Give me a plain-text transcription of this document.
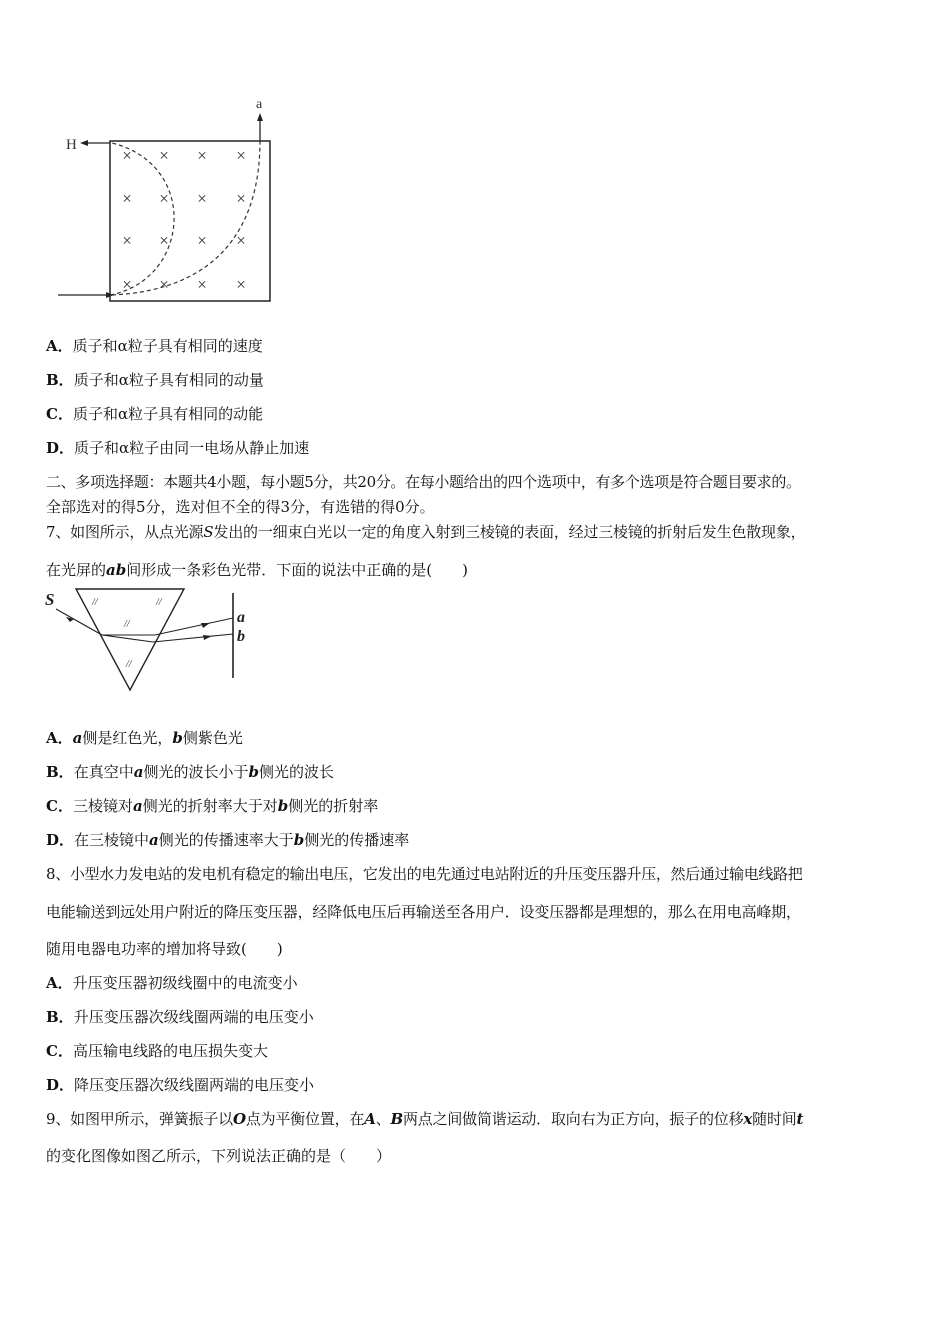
× × × ×
× × × ×
× × × ×
× × × ×
H
a
A．质子和α粒子具有相同的速度
B．质子和α粒子具有相同的动量
C．质子和α粒子具有相同的动能
D．质子和α粒子由同一电场从静止加速
二、多项选择题：本题共4小题，每小题5分，共20分。在每小题给出的四个选项中，有多个选项是符合题目要求的。
全部选对的得5分，选对但不全的得3分，有选错的得0分。
7、如图所示，从点光源S发出的一细束白光以一定的角度入射到三棱镜的表面，经过三棱镜的折射后发生色散现象，
在光屏的ab间形成一条彩色光带．下面的说法中正确的是(　　)
S
a
b
//	//
//
//
A．a侧是红色光，b侧紫色光
B．在真空中a侧光的波长小于b侧光的波长
C．三棱镜对a侧光的折射率大于对b侧光的折射率
D．在三棱镜中a侧光的传播速率大于b侧光的传播速率
8、小型水力发电站的发电机有稳定的输出电压，它发出的电先通过电站附近的升压变压器升压，然后通过输电线路把
电能输送到远处用户附近的降压变压器，经降低电压后再输送至各用户．设变压器都是理想的，那么在用电高峰期，
随用电器电功率的增加将导致(　　)
A．升压变压器初级线圈中的电流变小
B．升压变压器次级线圈两端的电压变小
C．高压输电线路的电压损失变大
D．降压变压器次级线圈两端的电压变小
9、如图甲所示，弹簧振子以O点为平衡位置，在A、B两点之间做简谐运动．取向右为正方向，振子的位移x随时间t
的变化图像如图乙所示，下列说法正确的是（　　）
